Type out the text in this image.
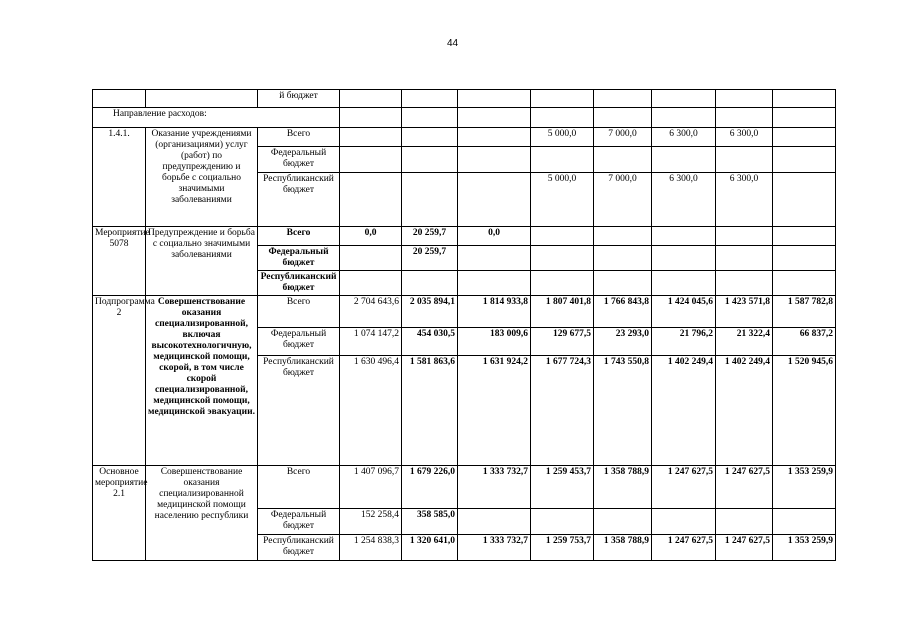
44
		й бюджет									
Направление расходов:											
1.4.1.	Оказание учреждениями (организациями) услуг (работ) по предупреждению и борьбе с социально значимыми заболеваниями	Всего				5 000,0	7 000,0	6 300,0	6 300,0		
		Федеральный бюджет									
		Республиканский бюджет				5 000,0	7 000,0	6 300,0	6 300,0		
Мероприятие 5078	Предупреждение и борьба с социально значимыми заболеваниями	Всего	0,0	20 259,7	0,0						
		Федеральный бюджет		20 259,7							
		Республиканский бюджет									
Подпрограмма 2	Совершенствование оказания специализированной, включая высокотехнологичную, медицинской помощи, скорой, в том числе скорой специализированной, медицинской помощи, медицинской эвакуации.	Всего	2 704 643,6	2 035 894,1	1 814 933,8	1 807 401,8	1 766 843,8	1 424 045,6	1 423 571,8	1 587 782,8	
		Федеральный бюджет	1 074 147,2	454 030,5	183 009,6	129 677,5	23 293,0	21 796,2	21 322,4	66 837,2	
		Республиканский бюджет	1 630 496,4	1 581 863,6	1 631 924,2	1 677 724,3	1 743 550,8	1 402 249,4	1 402 249,4	1 520 945,6	
Основное мероприятие 2.1	Совершенствование оказания специализированной медицинской помощи населению республики	Всего	1 407 096,7	1 679 226,0	1 333 732,7	1 259 453,7	1 358 788,9	1 247 627,5	1 247 627,5	1 353 259,9	
		Федеральный бюджет	152 258,4	358 585,0							
		Республиканский бюджет	1 254 838,3	1 320 641,0	1 333 732,7	1 259 753,7	1 358 788,9	1 247 627,5	1 247 627,5	1 353 259,9	
